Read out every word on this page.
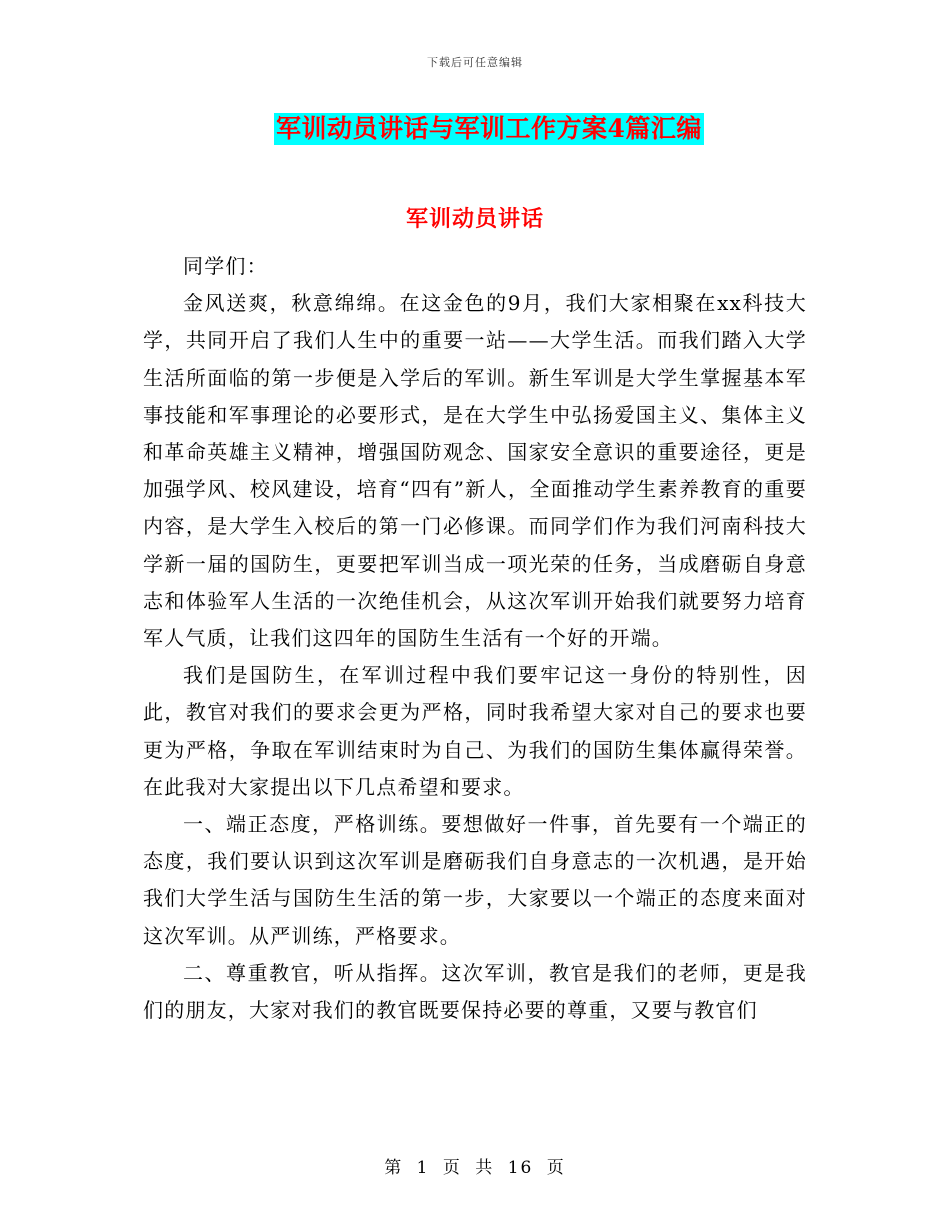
下载后可任意编辑
军训动员讲话与军训工作方案4篇汇编
军训动员讲话

同学们：

金风送爽，秋意绵绵。在这金色的9月，我们大家相聚在xx科技大学，共同开启了我们人生中的重要一站——大学生活。而我们踏入大学生活所面临的第一步便是入学后的军训。新生军训是大学生掌握基本军事技能和军事理论的必要形式，是在大学生中弘扬爱国主义、集体主义和革命英雄主义精神，增强国防观念、国家安全意识的重要途径，更是加强学风、校风建设，培育“四有”新人，全面推动学生素养教育的重要内容，是大学生入校后的第一门必修课。而同学们作为我们河南科技大学新一届的国防生，更要把军训当成一项光荣的任务，当成磨砺自身意志和体验军人生活的一次绝佳机会，从这次军训开始我们就要努力培育军人气质，让我们这四年的国防生生活有一个好的开端。

我们是国防生，在军训过程中我们要牢记这一身份的特别性，因此，教官对我们的要求会更为严格，同时我希望大家对自己的要求也要更为严格，争取在军训结束时为自己、为我们的国防生集体赢得荣誉。在此我对大家提出以下几点希望和要求。

一、端正态度，严格训练。要想做好一件事，首先要有一个端正的态度，我们要认识到这次军训是磨砺我们自身意志的一次机遇，是开始我们大学生活与国防生生活的第一步，大家要以一个端正的态度来面对这次军训。从严训练，严格要求。

二、尊重教官，听从指挥。这次军训，教官是我们的老师，更是我们的朋友，大家对我们的教官既要保持必要的尊重，又要与教官们

第 1 页 共 16 页
